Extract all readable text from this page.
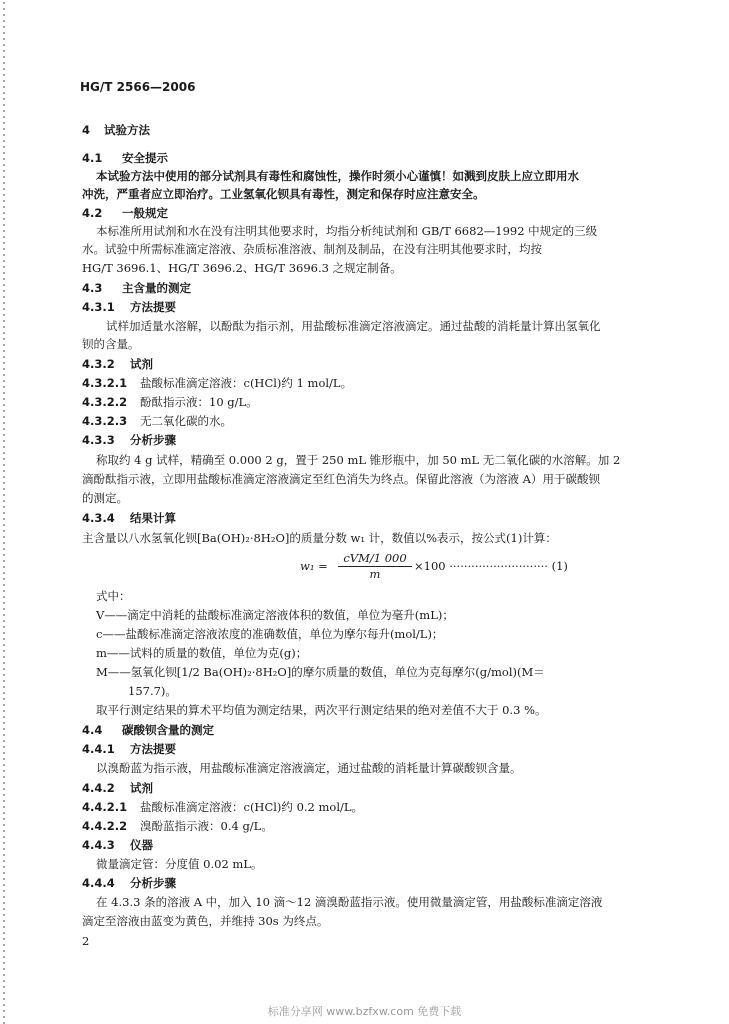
HG/T 2566—2006
4 试验方法
4.1 安全提示
本试验方法中使用的部分试剂具有毒性和腐蚀性，操作时须小心谨慎！如溅到皮肤上应立即用水
冲洗，严重者应立即治疗。工业氢氧化钡具有毒性，测定和保存时应注意安全。
4.2 一般规定
本标准所用试剂和水在没有注明其他要求时，均指分析纯试剂和 GB/T 6682—1992 中规定的三级
水。试验中所需标准滴定溶液、杂质标准溶液、制剂及制品，在没有注明其他要求时，均按
HG/T 3696.1、HG/T 3696.2、HG/T 3696.3 之规定制备。
4.3 主含量的测定
4.3.1 方法提要
试样加适量水溶解，以酚酞为指示剂，用盐酸标准滴定溶液滴定。通过盐酸的消耗量计算出氢氧化
钡的含量。
4.3.2 试剂
4.3.2.1 盐酸标准滴定溶液：c(HCl)约 1 mol/L。
4.3.2.2 酚酞指示液：10 g/L。
4.3.2.3 无二氧化碳的水。
4.3.3 分析步骤
称取约 4 g 试样，精确至 0.000 2 g，置于 250 mL 锥形瓶中，加 50 mL 无二氧化碳的水溶解。加 2
滴酚酞指示液，立即用盐酸标准滴定溶液滴定至红色消失为终点。保留此溶液（为溶液 A）用于碳酸钡
的测定。
4.3.4 结果计算
主含量以八水氢氧化钡[Ba(OH)₂·8H₂O]的质量分数 w₁ 计，数值以%表示，按公式(1)计算：
w₁ =
cVM/1 000
m
×100 ··························· (1)
式中：
V——滴定中消耗的盐酸标准滴定溶液体积的数值，单位为毫升(mL)；
c——盐酸标准滴定溶液浓度的准确数值，单位为摩尔每升(mol/L)；
m——试料的质量的数值，单位为克(g)；
M——氢氧化钡[1/2 Ba(OH)₂·8H₂O]的摩尔质量的数值，单位为克每摩尔(g/mol)(M＝
157.7)。
取平行测定结果的算术平均值为测定结果，两次平行测定结果的绝对差值不大于 0.3 %。
4.4 碳酸钡含量的测定
4.4.1 方法提要
以溴酚蓝为指示液，用盐酸标准滴定溶液滴定，通过盐酸的消耗量计算碳酸钡含量。
4.4.2 试剂
4.4.2.1 盐酸标准滴定溶液：c(HCl)约 0.2 mol/L。
4.4.2.2 溴酚蓝指示液：0.4 g/L。
4.4.3 仪器
微量滴定管：分度值 0.02 mL。
4.4.4 分析步骤
在 4.3.3 条的溶液 A 中，加入 10 滴～12 滴溴酚蓝指示液。使用微量滴定管，用盐酸标准滴定溶液
滴定至溶液由蓝变为黄色，并维持 30s 为终点。
2
标准分享网 www.bzfxw.com 免费下载
